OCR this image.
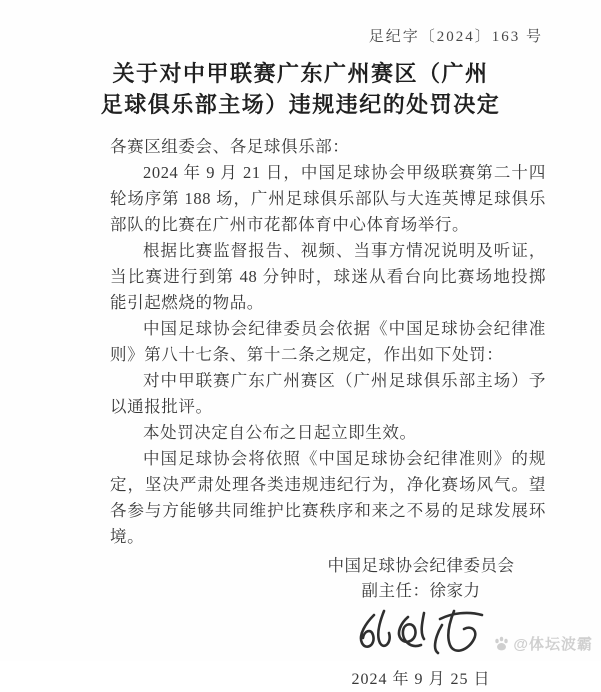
足纪字〔2024〕163 号
关于对中甲联赛广东广州赛区（广州
足球俱乐部主场）违规违纪的处罚决定

各赛区组委会、各足球俱乐部：

2024 年 9 月 21 日，中国足球协会甲级联赛第二十四轮场序第 188 场，广州足球俱乐部队与大连英博足球俱乐部队的比赛在广州市花都体育中心体育场举行。

根据比赛监督报告、视频、当事方情况说明及听证，当比赛进行到第 48 分钟时，球迷从看台向比赛场地投掷能引起燃烧的物品。

中国足球协会纪律委员会依据《中国足球协会纪律准则》第八十七条、第十二条之规定，作出如下处罚：

对中甲联赛广东广州赛区（广州足球俱乐部主场）予以通报批评。

本处罚决定自公布之日起立即生效。

中国足球协会将依照《中国足球协会纪律准则》的规定，坚决严肃处理各类违规违纪行为，净化赛场风气。望各参与方能够共同维护比赛秩序和来之不易的足球发展环境。

中国足球协会纪律委员会
副主任：徐家力
2024 年 9 月 25 日
@体坛波霸
